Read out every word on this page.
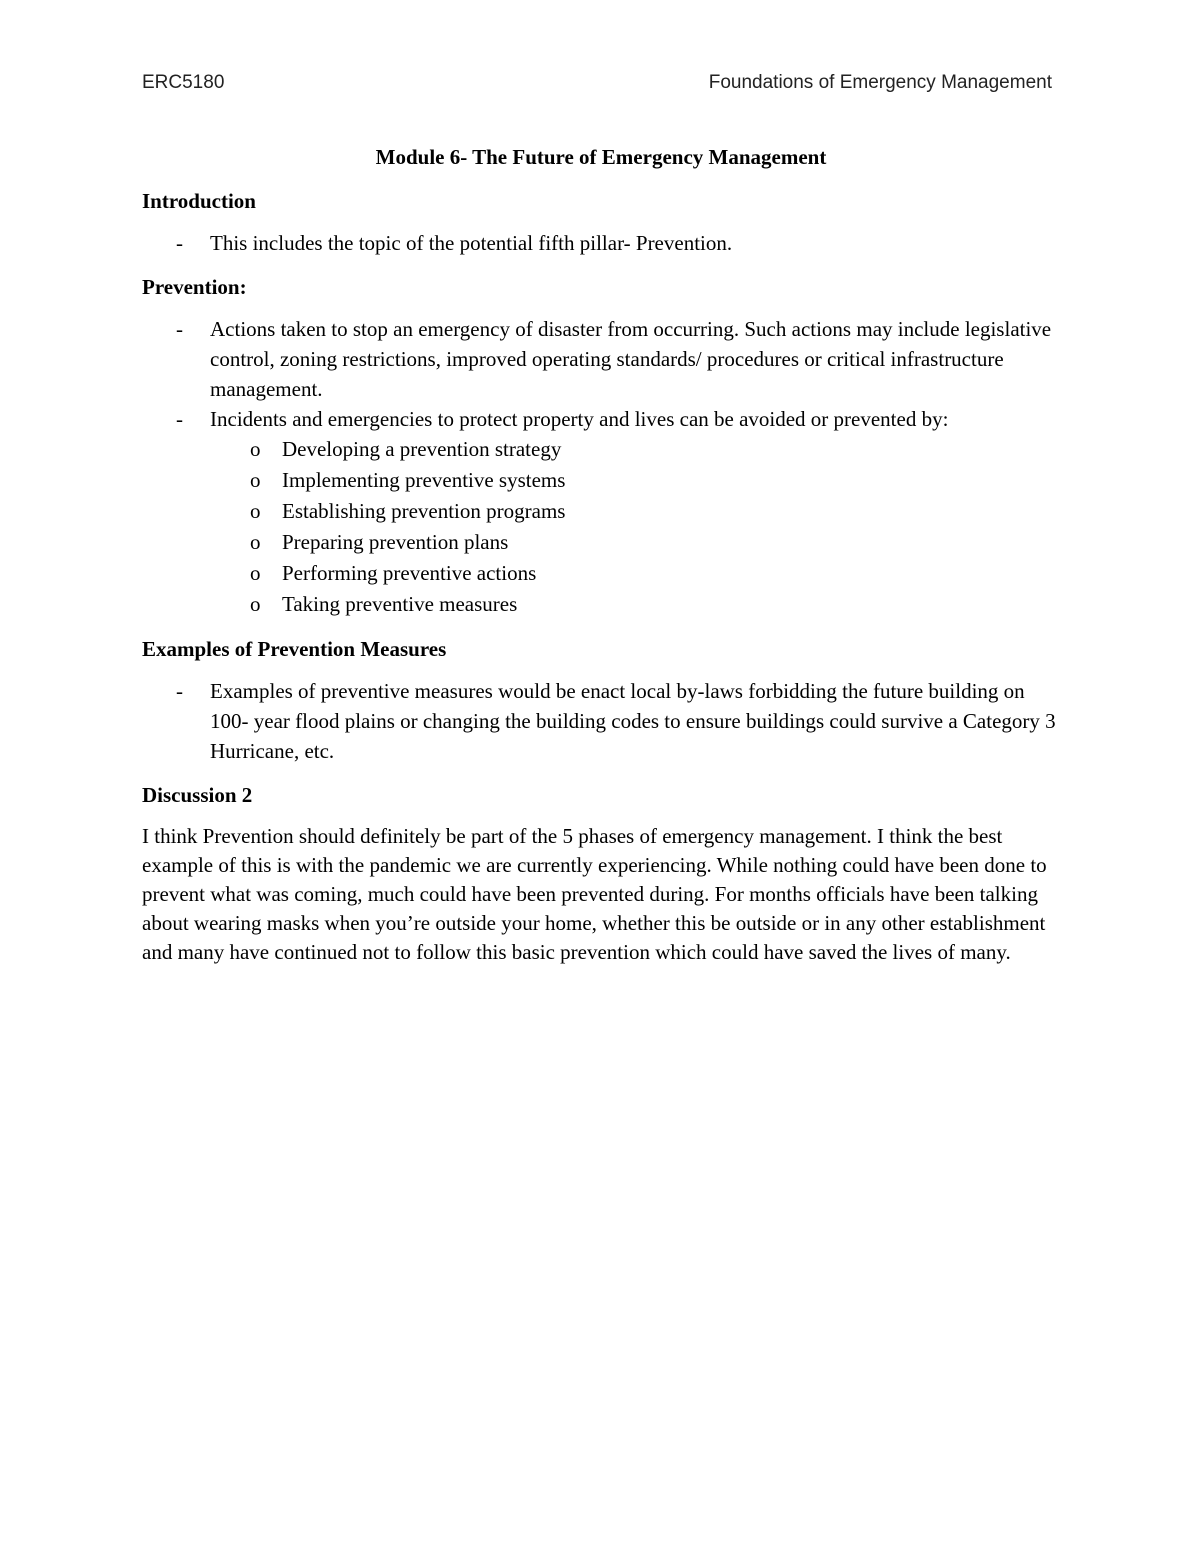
ERC5180	Foundations of Emergency Management
Module 6- The Future of Emergency Management
Introduction
- This includes the topic of the potential fifth pillar- Prevention.
Prevention:
- Actions taken to stop an emergency of disaster from occurring. Such actions may include legislative control, zoning restrictions, improved operating standards/ procedures or critical infrastructure management.
- Incidents and emergencies to protect property and lives can be avoided or prevented by:
o Developing a prevention strategy
o Implementing preventive systems
o Establishing prevention programs
o Preparing prevention plans
o Performing preventive actions
o Taking preventive measures
Examples of Prevention Measures
- Examples of preventive measures would be enact local by-laws forbidding the future building on 100- year flood plains or changing the building codes to ensure buildings could survive a Category 3 Hurricane, etc.
Discussion 2

I think Prevention should definitely be part of the 5 phases of emergency management. I think the best example of this is with the pandemic we are currently experiencing. While nothing could have been done to prevent what was coming, much could have been prevented during. For months officials have been talking about wearing masks when you’re outside your home, whether this be outside or in any other establishment and many have continued not to follow this basic prevention which could have saved the lives of many.
